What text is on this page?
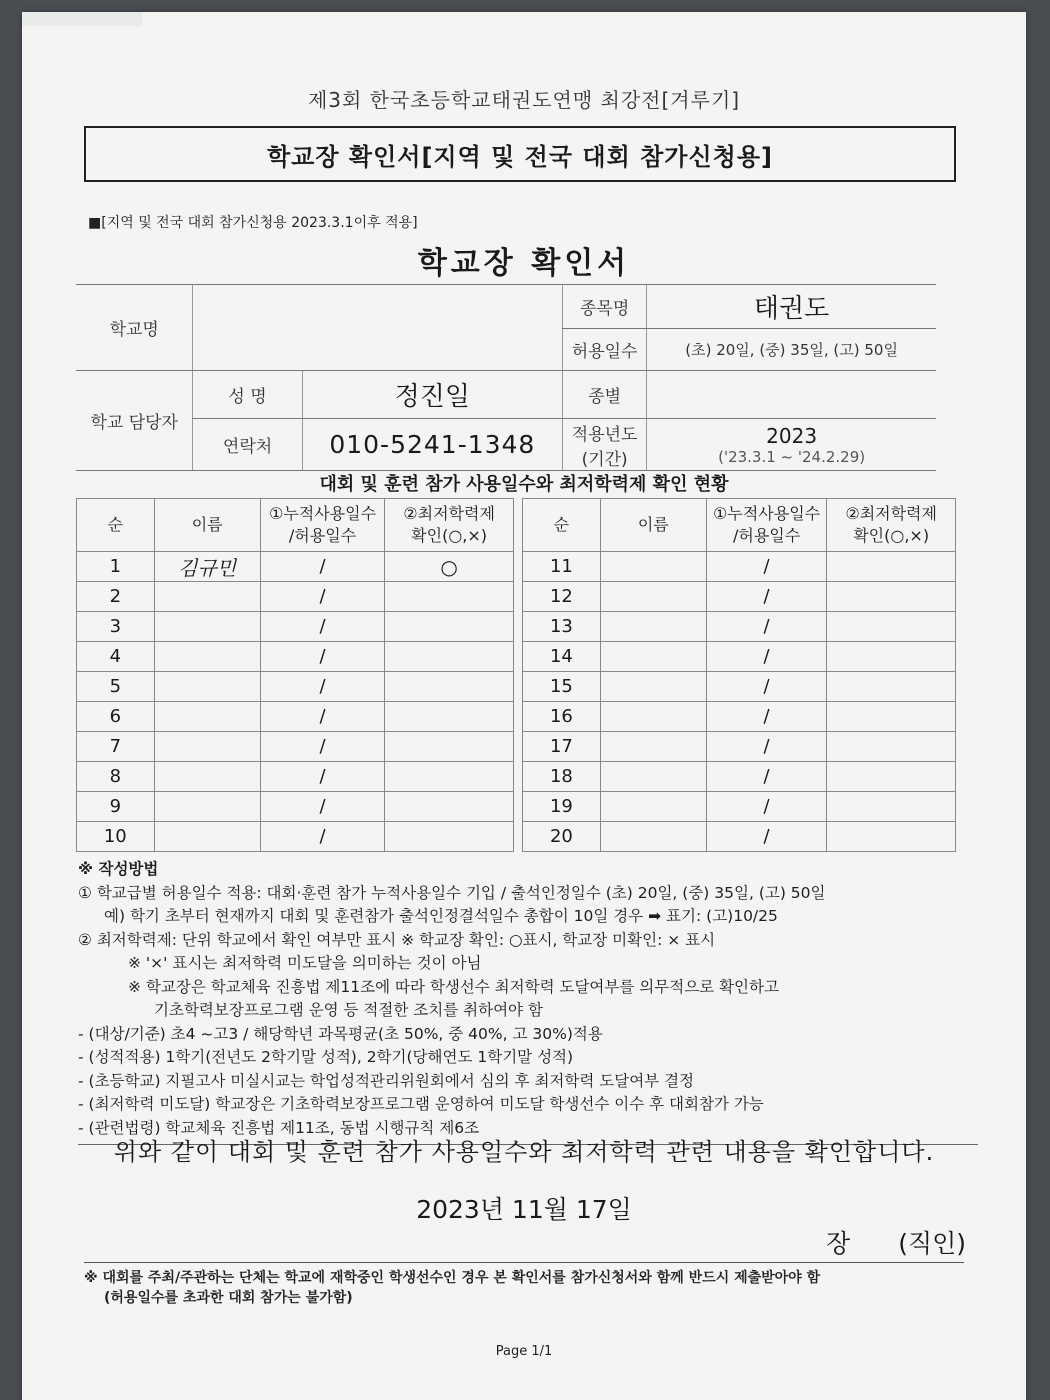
제3회 한국초등학교태권도연맹 최강전[겨루기]
학교장 확인서[지역 및 전국 대회 참가신청용]
■[지역 및 전국 대회 참가신청용 2023.3.1이후 적용]
학교장 확인서
학교명			종목명	태권도
			허용일수	(초) 20일, (중) 35일, (고) 50일
학교 담당자	성 명	정진일	종별	
	연락처	010-5241-1348	적용년도 (기간)	2023
('23.3.1 ~ '24.2.29)
대회 및 훈련 참가 사용일수와 최저학력제 확인 현황
순	이름	①누적사용일수
/허용일수	②최저학력제
확인(○,×)		순	이름	①누적사용일수
/허용일수	②최저학력제
확인(○,×)
1	김규민	/	○		11		/	
2		/			12		/	
3		/			13		/	
4		/			14		/	
5		/			15		/	
6		/			16		/	
7		/			17		/	
8		/			18		/	
9		/			19		/	
10		/			20		/	

※ 작성방법

① 학교급별 허용일수 적용: 대회·훈련 참가 누적사용일수 기입 / 출석인정일수 (초) 20일, (중) 35일, (고) 50일

예) 학기 초부터 현재까지 대회 및 훈련참가 출석인정결석일수 총합이 10일 경우 ➡ 표기: (고)10/25

② 최저학력제: 단위 학교에서 확인 여부만 표시 ※ 학교장 확인: ○표시, 학교장 미확인: × 표시

※ '×' 표시는 최저학력 미도달을 의미하는 것이 아님

※ 학교장은 학교체육 진흥법 제11조에 따라 학생선수 최저학력 도달여부를 의무적으로 확인하고

기초학력보장프로그램 운영 등 적절한 조치를 취하여야 함

- (대상/기준) 초4 ~고3 / 해당학년 과목평균(초 50%, 중 40%, 고 30%)적용

- (성적적용) 1학기(전년도 2학기말 성적), 2학기(당해연도 1학기말 성적)

- (초등학교) 지필고사 미실시교는 학업성적관리위원회에서 심의 후 최저학력 도달여부 결정

- (최저학력 미도달) 학교장은 기초학력보장프로그램 운영하여 미도달 학생선수 이수 후 대회참가 가능

- (관련법령) 학교체육 진흥법 제11조, 동법 시행규칙 제6조

위와 같이 대회 및 훈련 참가 사용일수와 최저학력 관련 내용을 확인합니다.
2023년 11월 17일
장 (직인)
※ 대회를 주최/주관하는 단체는 학교에 재학중인 학생선수인 경우 본 확인서를 참가신청서와 함께 반드시 제출받아야 함
(허용일수를 초과한 대회 참가는 불가함)
Page 1/1
